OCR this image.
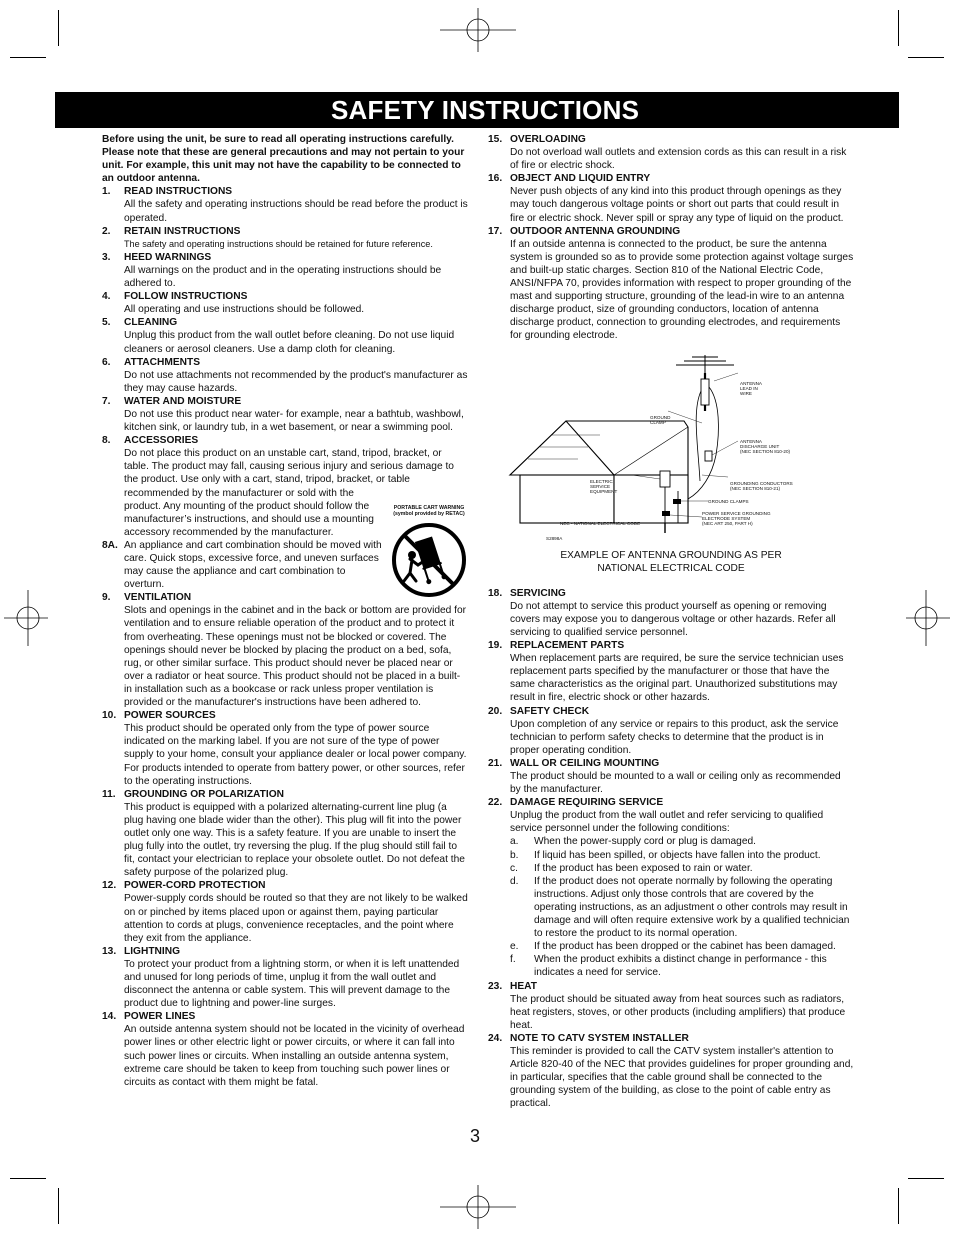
SAFETY INSTRUCTIONS

Before using the unit, be sure to read all operating instructions carefully. Please note that these are general precautions and may not pertain to your unit. For example, this unit may not have the capability to be connected to an outdoor antenna.

1. READ INSTRUCTIONS

All the safety and operating instructions should be read before the product is operated.

2. RETAIN INSTRUCTIONS

The safety and operating instructions should be retained for future reference.

3. HEED WARNINGS

All warnings on the product and in the operating instructions should be adhered to.

4. FOLLOW INSTRUCTIONS

All operating and use instructions should be followed.

5. CLEANING

Unplug this product from the wall outlet before cleaning. Do not use liquid cleaners or aerosol cleaners. Use a damp cloth for cleaning.

6. ATTACHMENTS

Do not use attachments not recommended by the product's manufacturer as they may cause hazards.

7. WATER AND MOISTURE

Do not use this product near water- for example, near a bathtub, washbowl, kitchen sink, or laundry tub, in a wet basement, or near a swimming pool.

8. ACCESSORIES

Do not place this product on an unstable cart, stand, tripod, bracket, or table. The product may fall, causing serious injury and serious damage to the product. Use only with a cart, stand, tripod, bracket, or table

recommended by the manufacturer or sold with the product. Any mounting of the product should follow the manufacturer’s instructions, and should use a mounting accessory recommended by the manufacturer.

8A. An appliance and cart combination should be moved with care. Quick stops, excessive force, and uneven surfaces may cause the appliance and cart combination to overturn.

9. VENTILATION

Slots and openings in the cabinet and in the back or bottom are provided for ventilation and to ensure reliable operation of the product and to protect it from overheating. These openings must not be blocked or covered. The openings should never be blocked by placing the product on a bed, sofa, rug, or other similar surface. This product should never be placed near or over a radiator or heat source. This product should not be placed in a built-in installation such as a bookcase or rack unless proper ventilation is provided or the manufacturer's instructions have been adhered to.

10. POWER SOURCES

This product should be operated only from the type of power source indicated on the marking label. If you are not sure of the type of power supply to your home, consult your appliance dealer or local power company. For products intended to operate from battery power, or other sources, refer to the operating instructions.

11. GROUNDING OR POLARIZATION

This product is equipped with a polarized alternating-current line plug (a plug having one blade wider than the other). This plug will fit into the power outlet only one way. This is a safety feature. If you are unable to insert the plug fully into the outlet, try reversing the plug. If the plug should still fail to fit, contact your electrician to replace your obsolete outlet. Do not defeat the safety purpose of the polarized plug.

12. POWER-CORD PROTECTION

Power-supply cords should be routed so that they are not likely to be walked on or pinched by items placed upon or against them, paying particular attention to cords at plugs, convenience receptacles, and the point where they exit from the appliance.

13. LIGHTNING

To protect your product from a lightning storm, or when it is left unattended and unused for long periods of time, unplug it from the wall outlet and disconnect the antenna or cable system. This will prevent damage to the product due to lightning and power-line surges.

14. POWER LINES

An outside antenna system should not be located in the vicinity of overhead power lines or other electric light or power circuits, or where it can fall into such power lines or circuits. When installing an outside antenna system, extreme care should be taken to keep from touching such power lines or circuits as contact with them might be fatal.

PORTABLE CART WARNING
(symbol provided by RETAC)
15. OVERLOADING

Do not overload wall outlets and extension cords as this can result in a risk of fire or electric shock.

16. OBJECT AND LIQUID ENTRY

Never push objects of any kind into this product through openings as they may touch dangerous voltage points or short out parts that could result in fire or electric shock. Never spill or spray any type of liquid on the product.

17. OUTDOOR ANTENNA GROUNDING

If an outside antenna is connected to the product, be sure the antenna system is grounded so as to provide some protection against voltage surges and built-up static charges. Section 810 of the National Electric Code, ANSI/NFPA 70, provides information with respect to proper grounding of the mast and supporting structure, grounding of the lead-in wire to an antenna discharge product, size of grounding conductors, location of antenna discharge product, connection to grounding electrodes, and requirements for grounding electrode.

ANTENNA
LEAD IN
WIRE
GROUND
CLAMP
ANTENNA
DISCHARGE UNIT
(NEC SECTION 810-20)
ELECTRIC
SERVICE
EQUIPMENT
GROUNDING CONDUCTORS
(NEC SECTION 810-21)
GROUND CLAMPS
POWER SERVICE GROUNDING
ELECTRODE SYSTEM
(NEC ART 250, PART H)
NEC - NATIONAL ELECTRICAL CODE
S2898A
EXAMPLE OF ANTENNA GROUNDING AS PER
NATIONAL ELECTRICAL CODE
18. SERVICING

Do not attempt to service this product yourself as opening or removing covers may expose you to dangerous voltage or other hazards. Refer all servicing to qualified service personnel.

19. REPLACEMENT PARTS

When replacement parts are required, be sure the service technician uses replacement parts specified by the manufacturer or those that have the same characteristics as the original part. Unauthorized substitutions may result in fire, electric shock or other hazards.

20. SAFETY CHECK

Upon completion of any service or repairs to this product, ask the service technician to perform safety checks to determine that the product is in proper operating condition.

21. WALL OR CEILING MOUNTING

The product should be mounted to a wall or ceiling only as recommended by the manufacturer.

22. DAMAGE REQUIRING SERVICE

Unplug the product from the wall outlet and refer servicing to qualified service personnel under the following conditions:

a. When the power-supply cord or plug is damaged.
b. If liquid has been spilled, or objects have fallen into the product.
c. If the product has been exposed to rain or water.
d. If the product does not operate normally by following the operating instructions. Adjust only those controls that are covered by the operating instructions, as an adjustment o other controls may result in damage and will often require extensive work by a qualified technician to restore the product to its normal operation.
e. If the product has been dropped or the cabinet has been damaged.
f. When the product exhibits a distinct change in performance - this indicates a need for service.
23. HEAT

The product should be situated away from heat sources such as radiators, heat registers, stoves, or other products (including amplifiers) that produce heat.

24. NOTE TO CATV SYSTEM INSTALLER

This reminder is provided to call the CATV system installer's attention to Article 820-40 of the NEC that provides guidelines for proper grounding and, in particular, specifies that the cable ground shall be connected to the grounding system of the building, as close to the point of cable entry as practical.

3
